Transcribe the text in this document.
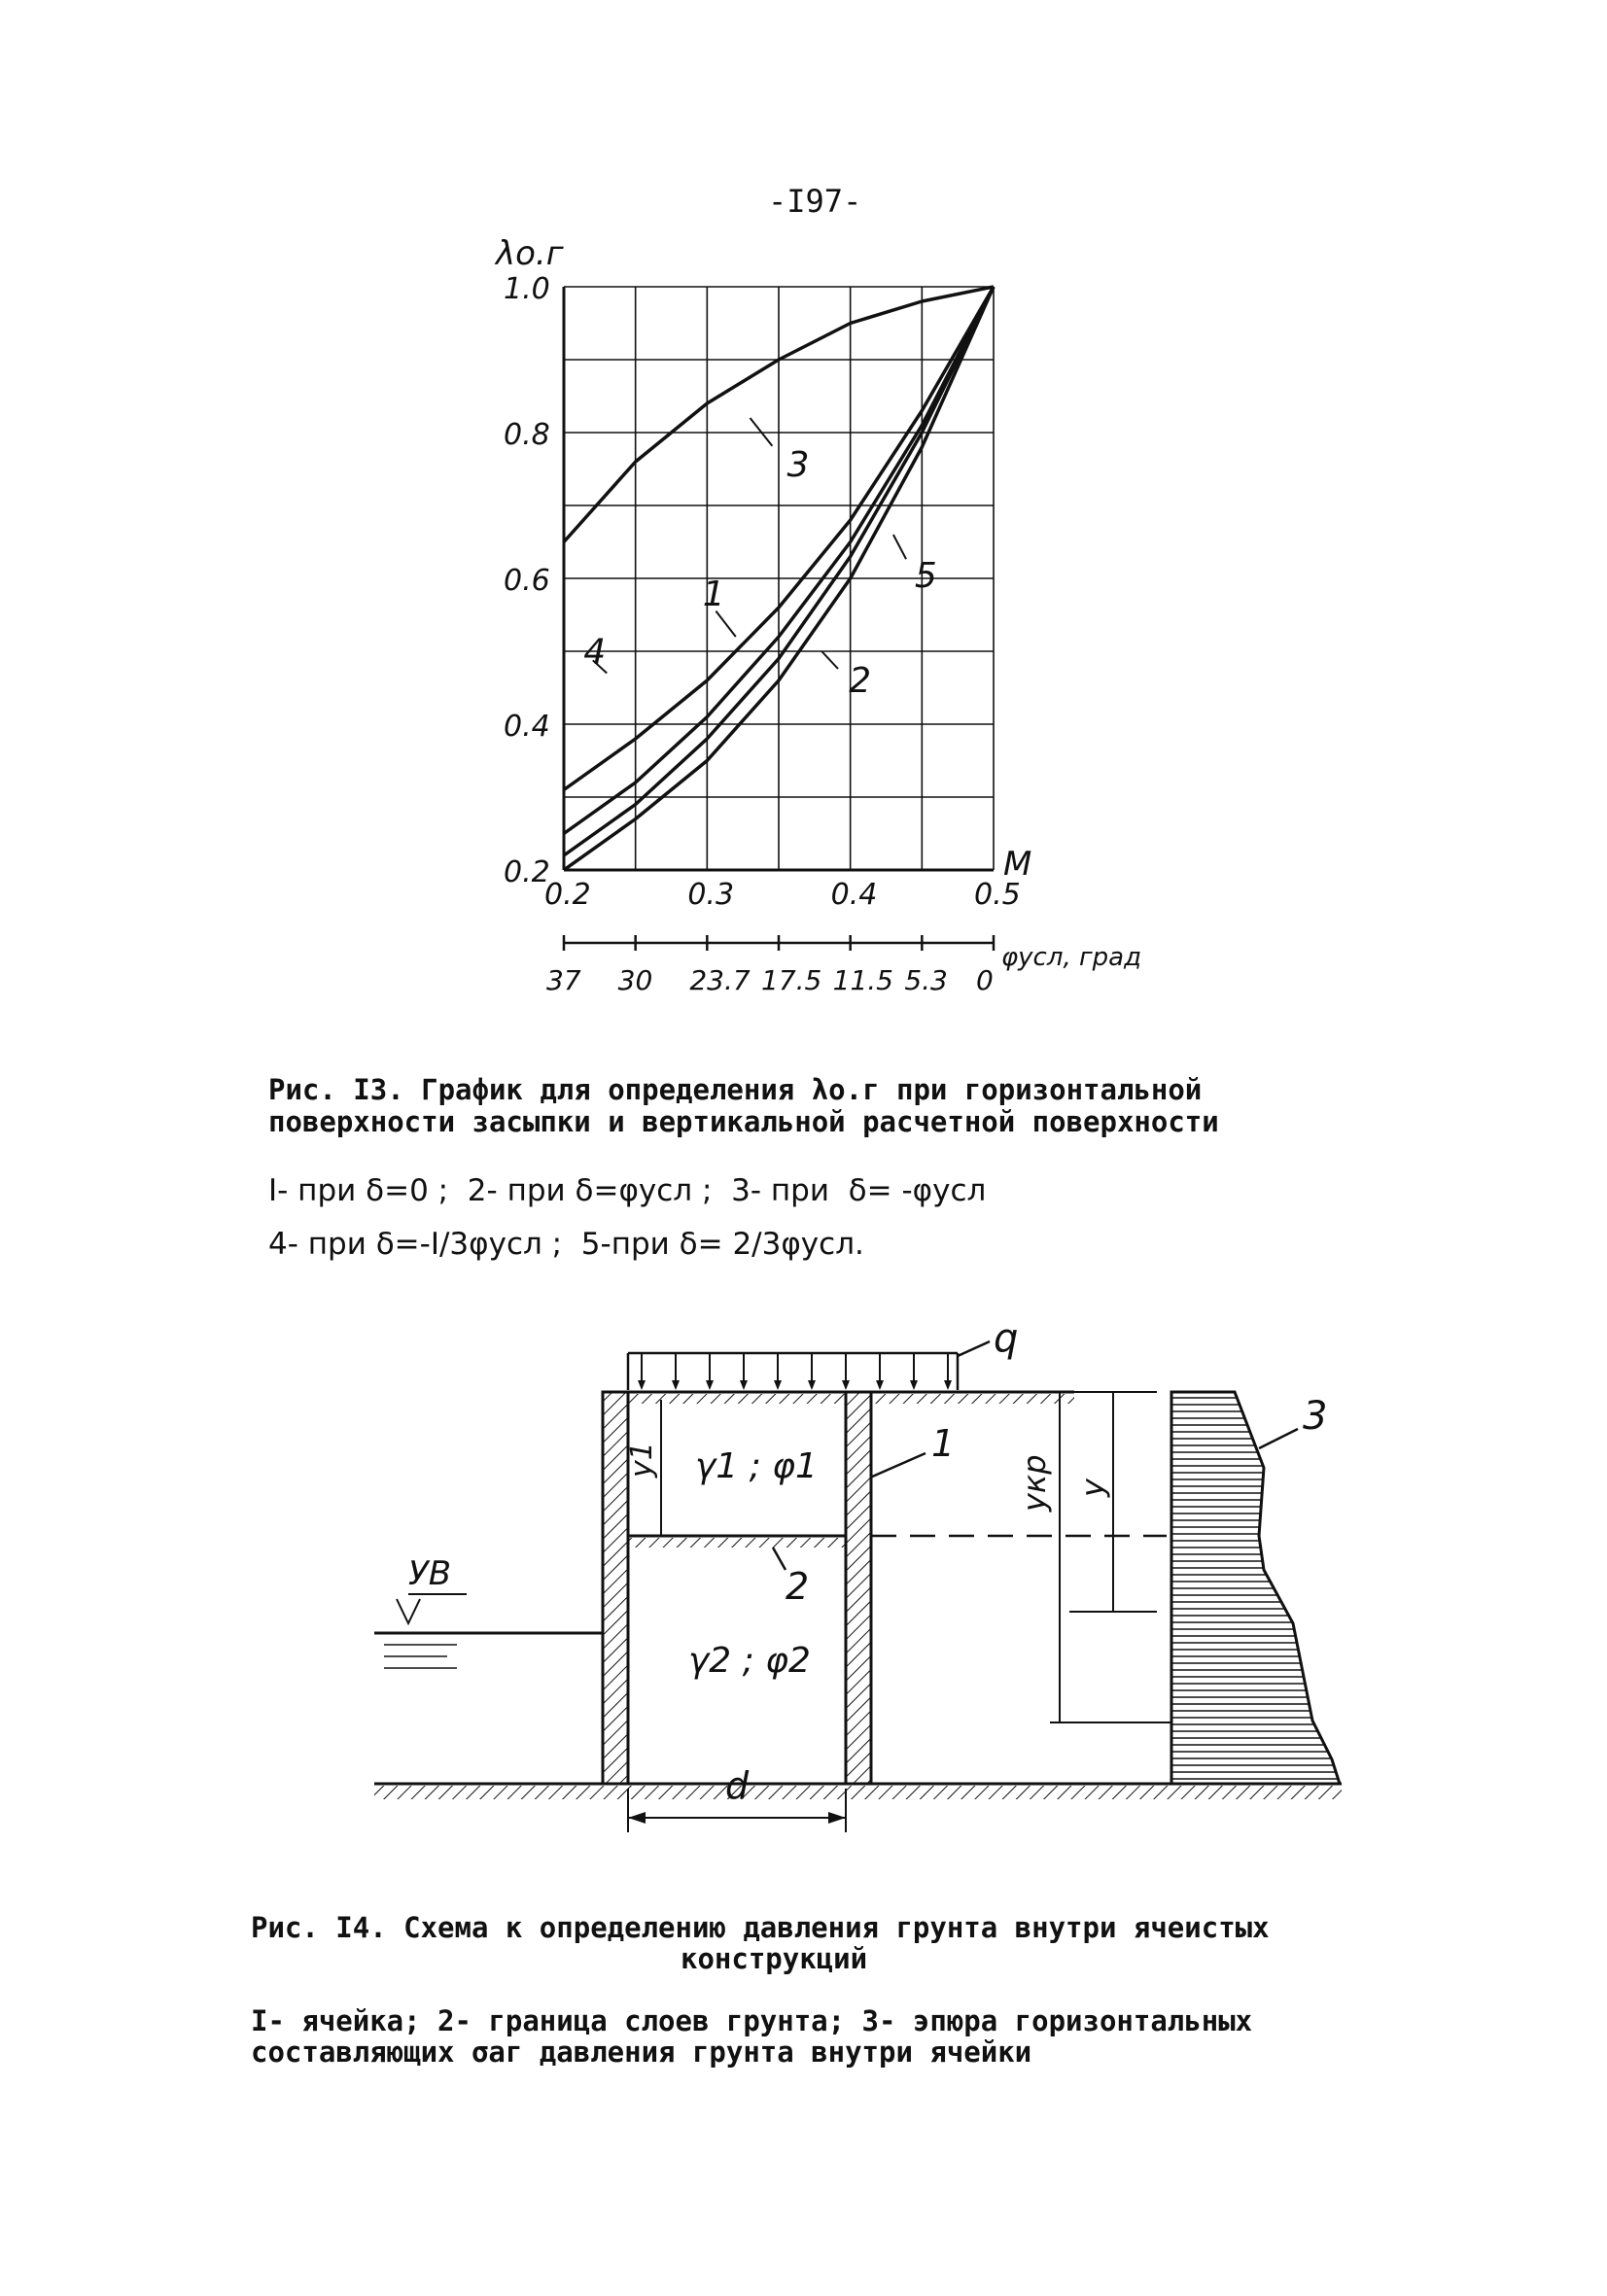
-I97-
3
4
1
2
5
0.2
0.4
0.6
0.8
1.0
0.2	0.3	0.4	0.5
λo.г
M
37 30 23.7 17.5 11.5 5.3 0
φусл, град
Рис. I3. График для определения λo.г при горизонтальной
поверхности засыпки и вертикальной расчетной поверхности
I- при δ=0 ;  2- при δ=φусл ;  3- при  δ= -φусл
4- при δ=-I/3φусл ;  5-при δ= 2/3φусл.
q
2
1
γ1 ; φ1
γ2 ; φ2
y1
УВ
d
y
yкр
3
Рис. I4. Схема к определению давления грунта внутри ячеистых
конструкций
I- ячейка; 2- граница слоев грунта; 3- эпюра горизонтальных
составляющих σаг давления грунта внутри ячейки
